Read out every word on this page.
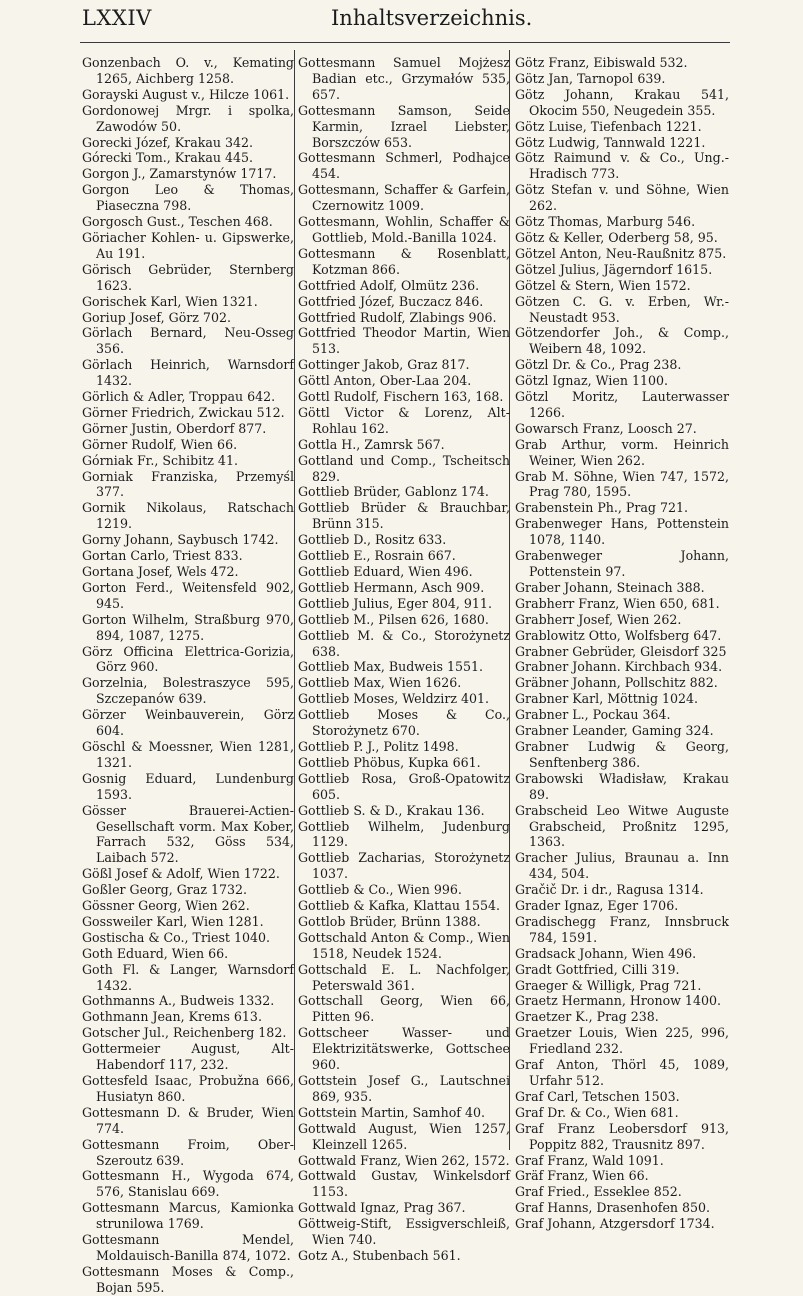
LXXIV	Inhaltsverzeichnis.
Gonzenbach O. v., Kemating 1265, Aichberg 1258.
Gorayski August v., Hilcze 1061.
Gordonowej Mrgr. i spolka, Zawodów 50.
Gorecki Józef, Krakau 342.
Górecki Tom., Krakau 445.
Gorgon J., Zamarstynów 1717.
Gorgon Leo & Thomas, Piaseczna 798.
Gorgosch Gust., Teschen 468.
Göriacher Kohlen- u. Gipswerke, Au 191.
Görisch Gebrüder, Sternberg 1623.
Gorischek Karl, Wien 1321.
Goriup Josef, Görz 702.
Görlach Bernard, Neu-Osseg 356.
Görlach Heinrich, Warnsdorf 1432.
Görlich & Adler, Troppau 642.
Görner Friedrich, Zwickau 512.
Görner Justin, Oberdorf 877.
Görner Rudolf, Wien 66.
Górniak Fr., Schibitz 41.
Gorniak Franziska, Przemyśl 377.
Gornik Nikolaus, Ratschach 1219.
Gorny Johann, Saybusch 1742.
Gortan Carlo, Triest 833.
Gortana Josef, Wels 472.
Gorton Ferd., Weitensfeld 902, 945.
Gorton Wilhelm, Straßburg 970, 894, 1087, 1275.
Görz Officina Elettrica-Gorizia, Görz 960.
Gorzelnia, Bolestraszyce 595, Szczepanów 639.
Görzer Weinbauverein, Görz 604.
Göschl & Moessner, Wien 1281, 1321.
Gosnig Eduard, Lundenburg 1593.
Gösser Brauerei-Actien-Gesellschaft vorm. Max Kober, Farrach 532, Göss 534, Laibach 572.
Gößl Josef & Adolf, Wien 1722.
Goßler Georg, Graz 1732.
Gössner Georg, Wien 262.
Gossweiler Karl, Wien 1281.
Gostischa & Co., Triest 1040.
Goth Eduard, Wien 66.
Goth Fl. & Langer, Warnsdorf 1432.
Gothmanns A., Budweis 1332.
Gothmann Jean, Krems 613.
Gotscher Jul., Reichenberg 182.
Gottermeier August, Alt-Habendorf 117, 232.
Gottesfeld Isaac, Probužna 666, Husiatyn 860.
Gottesmann D. & Bruder, Wien 774.
Gottesmann Froim, Ober-Szeroutz 639.
Gottesmann H., Wygoda 674, 576, Stanislau 669.
Gottesmann Marcus, Kamionka strunilowa 1769.
Gottesmann Mendel, Moldauisch-Banilla 874, 1072.
Gottesmann Moses & Comp., Bojan 595.
Gottesmann Samuel Mojżesz Badian etc., Grzymałów 535, 657.
Gottesmann Samson, Seide Karmin, Izrael Liebster, Borszczów 653.
Gottesmann Schmerl, Podhajce 454.
Gottesmann, Schaffer & Garfein, Czernowitz 1009.
Gottesmann, Wohlin, Schaffer & Gottlieb, Mold.-Banilla 1024.
Gottesmann & Rosenblatt, Kotzman 866.
Gottfried Adolf, Olmütz 236.
Gottfried Józef, Buczacz 846.
Gottfried Rudolf, Zlabings 906.
Gottfried Theodor Martin, Wien 513.
Gottinger Jakob, Graz 817.
Göttl Anton, Ober-Laa 204.
Gottl Rudolf, Fischern 163, 168.
Göttl Victor & Lorenz, Alt-Rohlau 162.
Gottla H., Zamrsk 567.
Gottland und Comp., Tscheitsch 829.
Gottlieb Brüder, Gablonz 174.
Gottlieb Brüder & Brauchbar, Brünn 315.
Gottlieb D., Rositz 633.
Gottlieb E., Rosrain 667.
Gottlieb Eduard, Wien 496.
Gottlieb Hermann, Asch 909.
Gottlieb Julius, Eger 804, 911.
Gottlieb M., Pilsen 626, 1680.
Gottlieb M. & Co., Storożynetz 638.
Gottlieb Max, Budweis 1551.
Gottlieb Max, Wien 1626.
Gottlieb Moses, Weldzirz 401.
Gottlieb Moses & Co., Storożynetz 670.
Gottlieb P. J., Politz 1498.
Gottlieb Phöbus, Kupka 661.
Gottlieb Rosa, Groß-Opatowitz 605.
Gottlieb S. & D., Krakau 136.
Gottlieb Wilhelm, Judenburg 1129.
Gottlieb Zacharias, Storożynetz 1037.
Gottlieb & Co., Wien 996.
Gottlieb & Kafka, Klattau 1554.
Gottlob Brüder, Brünn 1388.
Gottschald Anton & Comp., Wien 1518, Neudek 1524.
Gottschald E. L. Nachfolger, Peterswald 361.
Gottschall Georg, Wien 66, Pitten 96.
Gottscheer Wasser- und Elektrizitätswerke, Gottschee 960.
Gottstein Josef G., Lautschnei 869, 935.
Gottstein Martin, Samhof 40.
Gottwald August, Wien 1257, Kleinzell 1265.
Gottwald Franz, Wien 262, 1572.
Gottwald Gustav, Winkelsdorf 1153.
Gottwald Ignaz, Prag 367.
Göttweig-Stift, Essigverschleiß, Wien 740.
Gotz A., Stubenbach 561.
Götz Franz, Eibiswald 532.
Götz Jan, Tarnopol 639.
Götz Johann, Krakau 541, Okocim 550, Neugedein 355.
Götz Luise, Tiefenbach 1221.
Götz Ludwig, Tannwald 1221.
Götz Raimund v. & Co., Ung.-Hradisch 773.
Götz Stefan v. und Söhne, Wien 262.
Götz Thomas, Marburg 546.
Götz & Keller, Oderberg 58, 95.
Götzel Anton, Neu-Raußnitz 875.
Götzel Julius, Jägerndorf 1615.
Götzel & Stern, Wien 1572.
Götzen C. G. v. Erben, Wr.-Neustadt 953.
Götzendorfer Joh., & Comp., Weibern 48, 1092.
Götzl Dr. & Co., Prag 238.
Götzl Ignaz, Wien 1100.
Götzl Moritz, Lauterwasser 1266.
Gowarsch Franz, Loosch 27.
Grab Arthur, vorm. Heinrich Weiner, Wien 262.
Grab M. Söhne, Wien 747, 1572, Prag 780, 1595.
Grabenstein Ph., Prag 721.
Grabenweger Hans, Pottenstein 1078, 1140.
Grabenweger Johann, Pottenstein 97.
Graber Johann, Steinach 388.
Grabherr Franz, Wien 650, 681.
Grabherr Josef, Wien 262.
Grablowitz Otto, Wolfsberg 647.
Grabner Gebrüder, Gleisdorf 325
Grabner Johann. Kirchbach 934.
Gräbner Johann, Pollschitz 882.
Grabner Karl, Möttnig 1024.
Grabner L., Pockau 364.
Grabner Leander, Gaming 324.
Grabner Ludwig & Georg, Senftenberg 386.
Grabowski Władisław, Krakau 89.
Grabscheid Leo Witwe Auguste Grabscheid, Proßnitz 1295, 1363.
Gracher Julius, Braunau a. Inn 434, 504.
Gračič Dr. i dr., Ragusa 1314.
Grader Ignaz, Eger 1706.
Gradischegg Franz, Innsbruck 784, 1591.
Gradsack Johann, Wien 496.
Gradt Gottfried, Cilli 319.
Graeger & Willigk, Prag 721.
Graetz Hermann, Hronow 1400.
Graetzer K., Prag 238.
Graetzer Louis, Wien 225, 996, Friedland 232.
Graf Anton, Thörl 45, 1089, Urfahr 512.
Graf Carl, Tetschen 1503.
Graf Dr. & Co., Wien 681.
Graf Franz Leobersdorf 913, Poppitz 882, Trausnitz 897.
Graf Franz, Wald 1091.
Gräf Franz, Wien 66.
Graf Fried., Esseklee 852.
Graf Hanns, Drasenhofen 850.
Graf Johann, Atzgersdorf 1734.
